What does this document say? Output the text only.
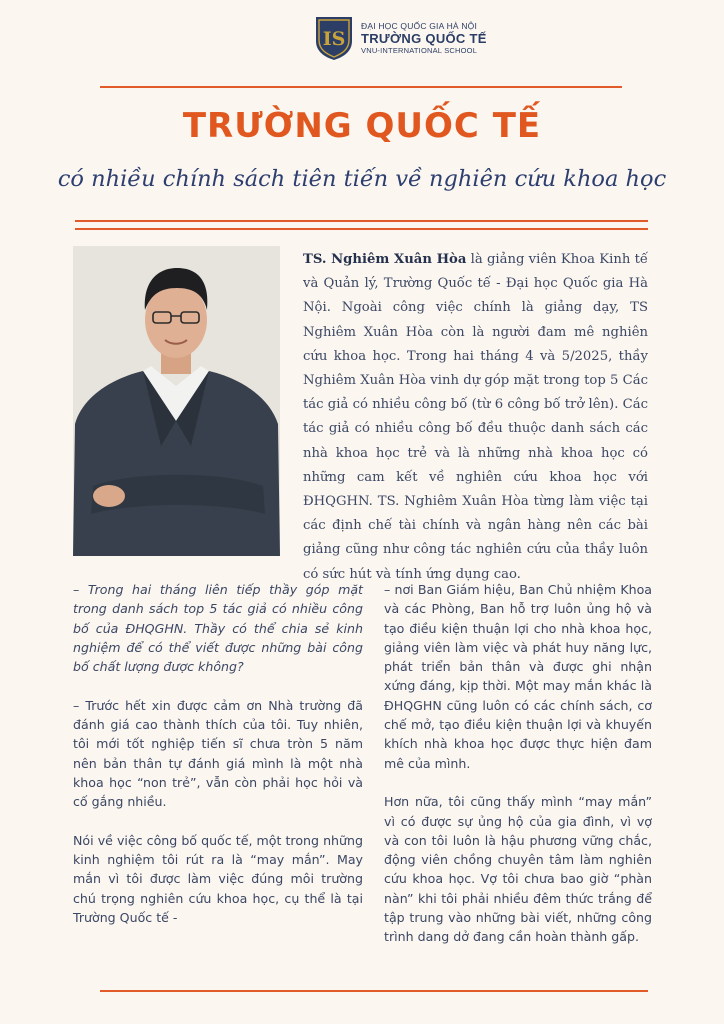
IS
ĐẠI HỌC QUỐC GIA HÀ NỘI
TRƯỜNG QUỐC TẾ
VNU-INTERNATIONAL SCHOOL
TRƯỜNG QUỐC TẾ
có nhiều chính sách tiên tiến về nghiên cứu khoa học
TS. Nghiêm Xuân Hòa là giảng viên Khoa Kinh tế và Quản lý, Trường Quốc tế - Đại học Quốc gia Hà Nội. Ngoài công việc chính là giảng dạy, TS Nghiêm Xuân Hòa còn là người đam mê nghiên cứu khoa học. Trong hai tháng 4 và 5/2025, thầy Nghiêm Xuân Hòa vinh dự góp mặt trong top 5 Các tác giả có nhiều công bố (từ 6 công bố trở lên). Các tác giả có nhiều công bố đều thuộc danh sách các nhà khoa học trẻ và là những nhà khoa học có những cam kết về nghiên cứu khoa học với ĐHQGHN. TS. Nghiêm Xuân Hòa từng làm việc tại các định chế tài chính và ngân hàng nên các bài giảng cũng như công tác nghiên cứu của thầy luôn có sức hút và tính ứng dụng cao.

– Trong hai tháng liên tiếp thầy góp mặt trong danh sách top 5 tác giả có nhiều công bố của ĐHQGHN. Thầy có thể chia sẻ kinh nghiệm để có thể viết được những bài công bố chất lượng được không?

– Trước hết xin được cảm ơn Nhà trường đã đánh giá cao thành thích của tôi. Tuy nhiên, tôi mới tốt nghiệp tiến sĩ chưa tròn 5 năm nên bản thân tự đánh giá mình là một nhà khoa học “non trẻ”, vẫn còn phải học hỏi và cố gắng nhiều.

Nói về việc công bố quốc tế, một trong những kinh nghiệm tôi rút ra là “may mắn”. May mắn vì tôi được làm việc đúng môi trường chú trọng nghiên cứu khoa học, cụ thể là tại Trường Quốc tế -

– nơi Ban Giám hiệu, Ban Chủ nhiệm Khoa và các Phòng, Ban hỗ trợ luôn ủng hộ và tạo điều kiện thuận lợi cho nhà khoa học, giảng viên làm việc và phát huy năng lực, phát triển bản thân và được ghi nhận xứng đáng, kịp thời. Một may mắn khác là ĐHQGHN cũng luôn có các chính sách, cơ chế mở, tạo điều kiện thuận lợi và khuyến khích nhà khoa học được thực hiện đam mê của mình.

Hơn nữa, tôi cũng thấy mình “may mắn” vì có được sự ủng hộ của gia đình, vì vợ và con tôi luôn là hậu phương vững chắc, động viên chồng chuyên tâm làm nghiên cứu khoa học. Vợ tôi chưa bao giờ “phàn nàn” khi tôi phải nhiều đêm thức trắng để tập trung vào những bài viết, những công trình dang dở đang cần hoàn thành gấp.
